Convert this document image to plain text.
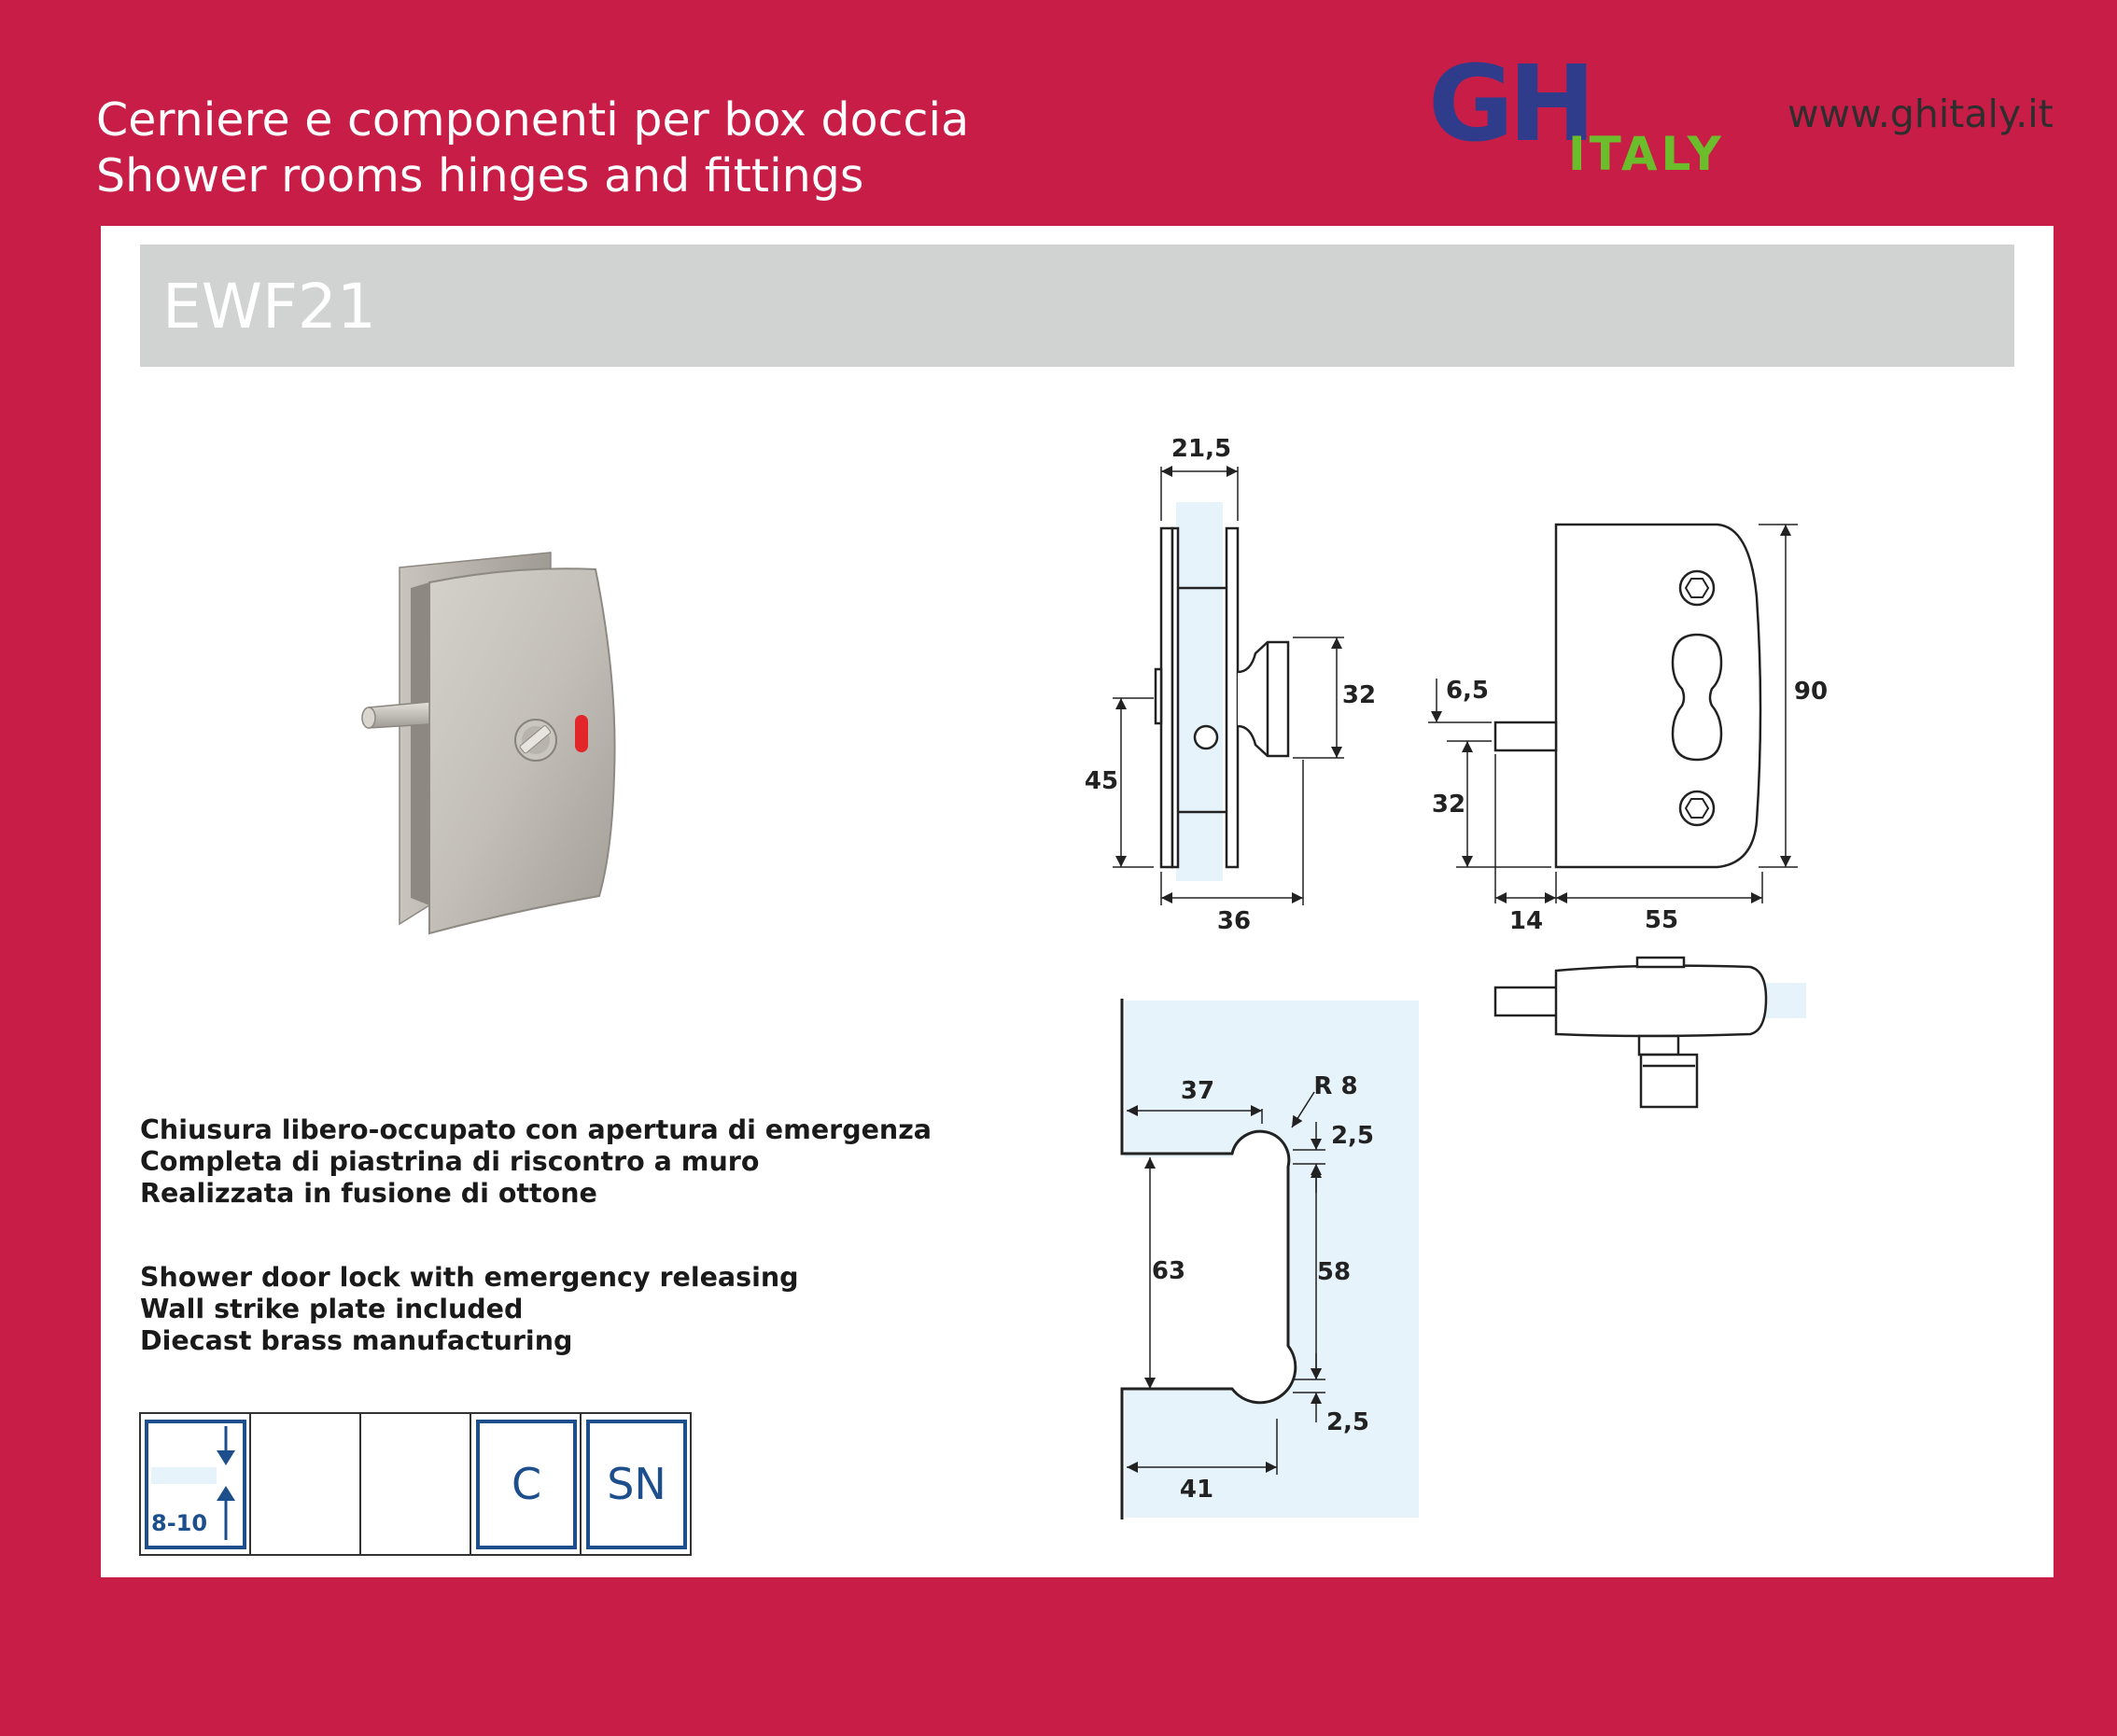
Cerniere e componenti per box doccia
Shower rooms hinges and fittings
GH
ITALY
www.ghitaly.it
EWF21
21,5
32
45
36
6,5
32
90
14	55
37	R 8
2,5
63	58
2,5
41
Chiusura libero-occupato con apertura di emergenza
Completa di piastrina di riscontro a muro
Realizzata in fusione di ottone
Shower door lock with emergency releasing
Wall strike plate included
Diecast brass manufacturing
8-10
C SN
